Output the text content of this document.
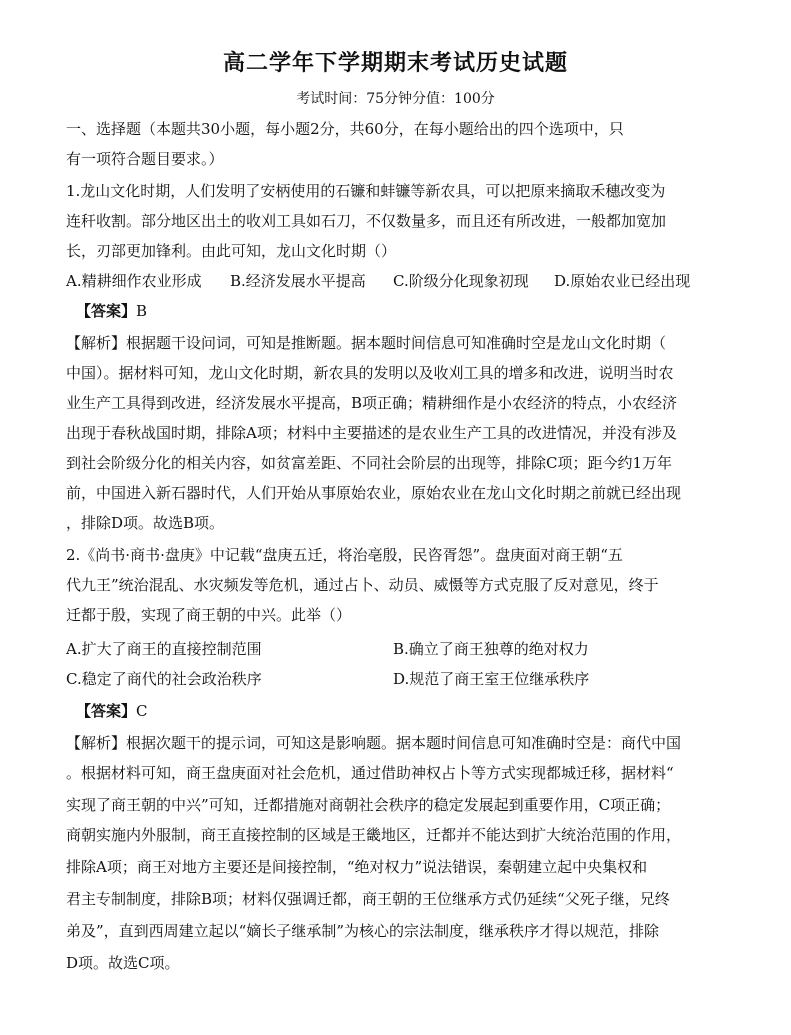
高二学年下学期期末考试历史试题
考试时间：75分钟分值：100分
一、选择题（本题共30小题，每小题2分，共60分，在每小题给出的四个选项中，只
有一项符合题目要求。）
1.龙山文化时期，人们发明了安柄使用的石镰和蚌镰等新农具，可以把原来摘取禾穗改变为
连秆收割。部分地区出土的收刈工具如石刀，不仅数量多，而且还有所改进，一般都加宽加
长，刃部更加锋利。由此可知，龙山文化时期（）
A.精耕细作农业形成 B.经济发展水平提高 C.阶级分化现象初现 D.原始农业已经出现
【答案】B
【解析】根据题干设问词，可知是推断题。据本题时间信息可知准确时空是龙山文化时期（
中国）。据材料可知，龙山文化时期，新农具的发明以及收刈工具的增多和改进，说明当时农
业生产工具得到改进，经济发展水平提高，B项正确；精耕细作是小农经济的特点，小农经济
出现于春秋战国时期，排除A项；材料中主要描述的是农业生产工具的改进情况，并没有涉及
到社会阶级分化的相关内容，如贫富差距、不同社会阶层的出现等，排除C项；距今约1万年
前，中国进入新石器时代，人们开始从事原始农业，原始农业在龙山文化时期之前就已经出现
，排除D项。故选B项。
2.《尚书·商书·盘庚》中记载“盘庚五迁，将治亳殷，民咨胥怨”。盘庚面对商王朝“五
代九王”统治混乱、水灾频发等危机，通过占卜、动员、威慑等方式克服了反对意见，终于
迁都于殷，实现了商王朝的中兴。此举（）
A.扩大了商王的直接控制范围	B.确立了商王独尊的绝对权力
C.稳定了商代的社会政治秩序	D.规范了商王室王位继承秩序
【答案】C
【解析】根据次题干的提示词，可知这是影响题。据本题时间信息可知准确时空是：商代中国
。根据材料可知，商王盘庚面对社会危机，通过借助神权占卜等方式实现都城迁移，据材料“
实现了商王朝的中兴”可知，迁都措施对商朝社会秩序的稳定发展起到重要作用，C项正确；
商朝实施内外服制，商王直接控制的区域是王畿地区，迁都并不能达到扩大统治范围的作用，
排除A项；商王对地方主要还是间接控制，“绝对权力”说法错误，秦朝建立起中央集权和
君主专制制度，排除B项；材料仅强调迁都，商王朝的王位继承方式仍延续“父死子继，兄终
弟及”，直到西周建立起以“嫡长子继承制”为核心的宗法制度，继承秩序才得以规范，排除
D项。故选C项。
